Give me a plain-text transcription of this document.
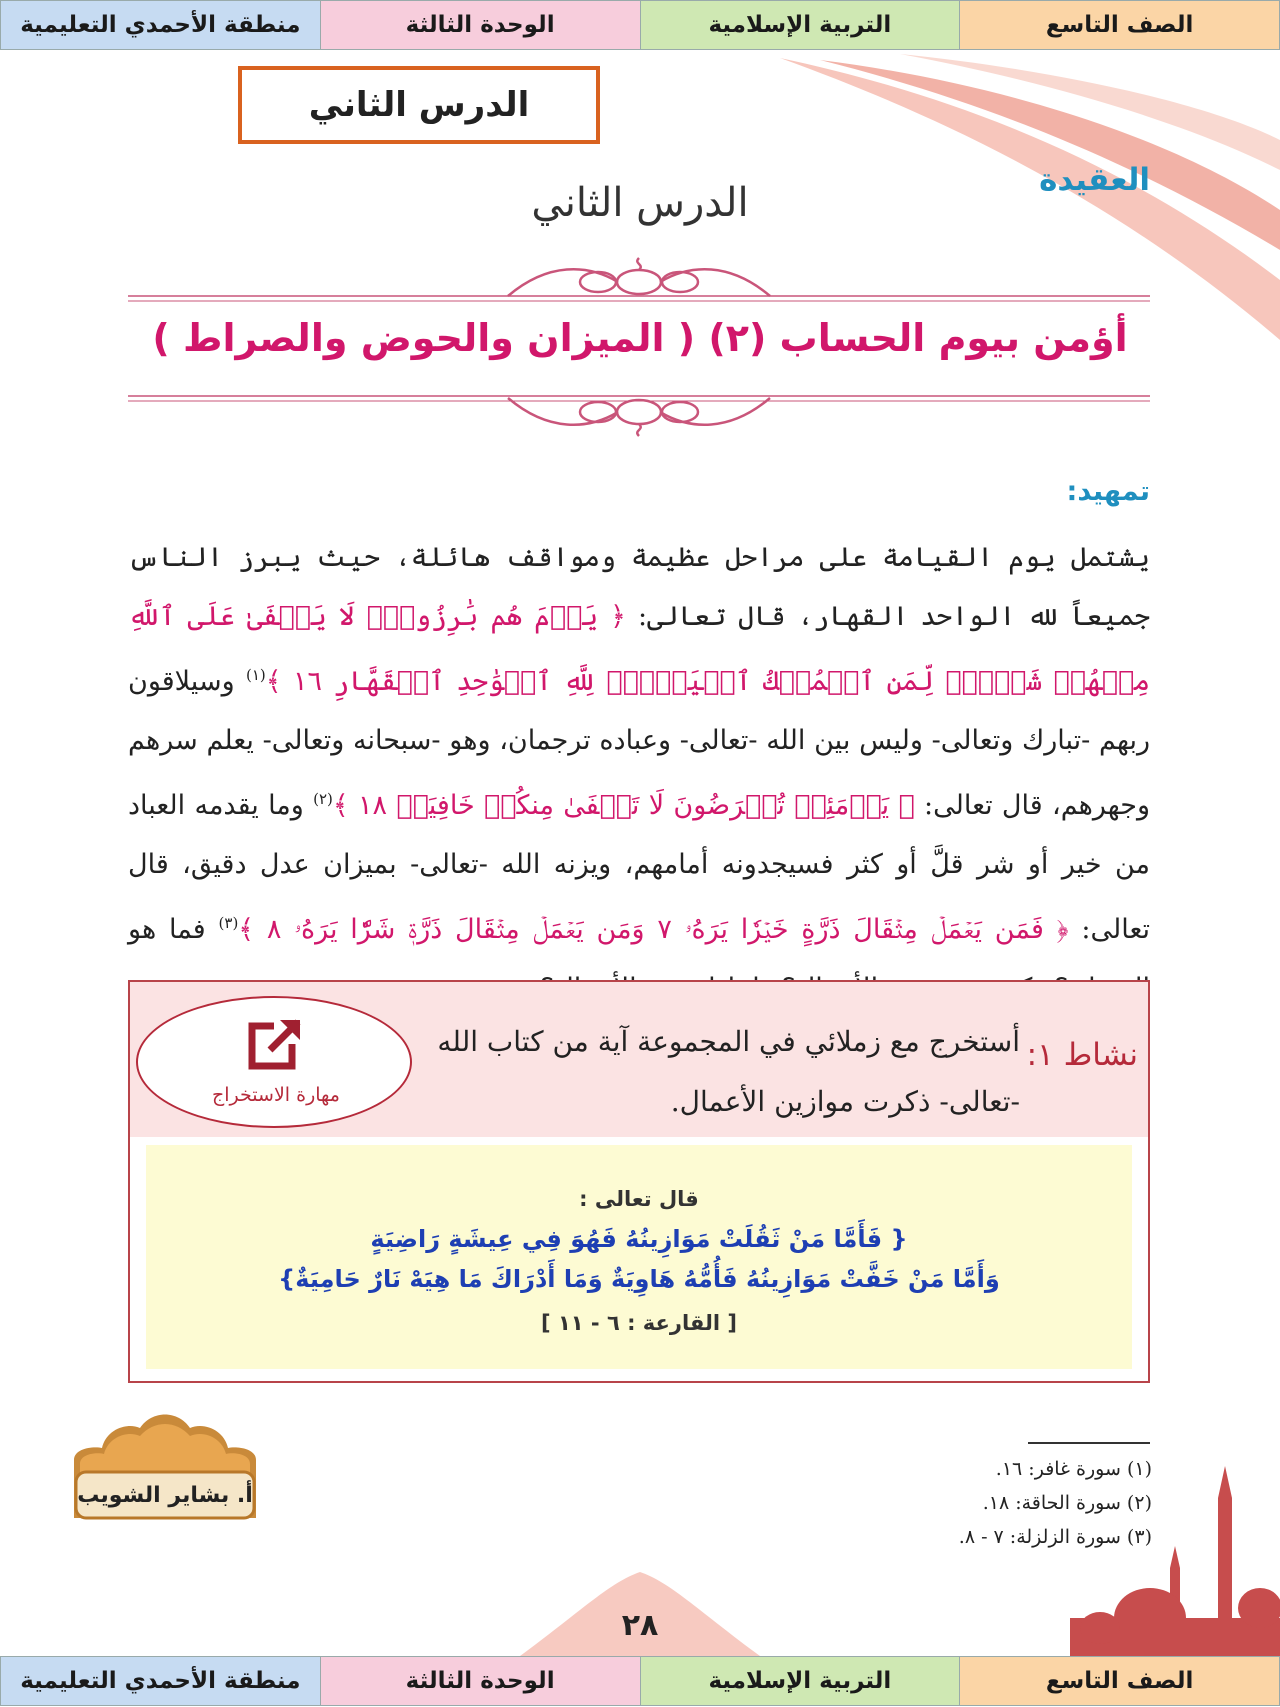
الصف التاسع
التربية الإسلامية
الوحدة الثالثة
منطقة الأحمدي التعليمية
الدرس الثاني
العقيدة
الدرس الثاني
أؤمن بيوم الحساب (٢) ( الميزان والحوض والصراط )
تمهيد:
يشتمل يوم القيامة على مراحل عظيمة ومواقف هائلة، حيث يبرز الناس جميعاً لله الواحد القهار، قال تعالى: ﴿ يَوۡمَ هُم بَٰرِزُونَۖ لَا يَخۡفَىٰ عَلَى ٱللَّهِ مِنۡهُمۡ شَيۡءٞۚ لِّمَنِ ٱلۡمُلۡكُ ٱلۡيَوۡمَۖ لِلَّهِ ٱلۡوَٰحِدِ ٱلۡقَهَّارِ ١٦ ﴾$^{(١)}$ وسيلاقون ربهم -تبارك وتعالى- وليس بين الله -تعالى- وعباده ترجمان، وهو -سبحانه وتعالى- يعلم سرهم وجهرهم، قال تعالى: ﴿ يَوۡمَئِذٖ تُعۡرَضُونَ لَا تَخۡفَىٰ مِنكُمۡ خَافِيَةٞ ١٨ ﴾$^{(٢)}$ وما يقدمه العباد من خير أو شر قلَّ أو كثر فسيجدونه أمامهم، ويزنه الله -تعالى- بميزان عدل دقيق، قال تعالى: ﴿ فَمَن يَعۡمَلۡ مِثۡقَالَ ذَرَّةٍ خَيۡرٗا يَرَهُۥ ٧ وَمَن يَعۡمَلۡ مِثۡقَالَ ذَرَّةٖ شَرّٗا يَرَهُۥ ٨ ﴾$^{(٣)}$ فما هو
نشاط ١:
أستخرج مع زملائي في المجموعة آية من كتاب الله -تعالى- ذكرت موازين الأعمال.
مهارة الاستخراج
قال تعالى :
{ فَأَمَّا مَنْ ثَقُلَتْ مَوَازِينُهُ فَهُوَ فِي عِيشَةٍ رَاضِيَةٍ
وَأَمَّا مَنْ خَفَّتْ مَوَازِينُهُ فَأُمُّهُ هَاوِيَةٌ وَمَا أَدْرَاكَ مَا هِيَهْ نَارٌ حَامِيَةٌ}
[ القارعة : ٦ - ١١ ]
أ. بشاير الشويب
(١) سورة غافر: ١٦.
(٢) سورة الحاقة: ١٨.
(٣) سورة الزلزلة: ٧ - ٨.
٢٨
الصف التاسع
التربية الإسلامية
الوحدة الثالثة
منطقة الأحمدي التعليمية
